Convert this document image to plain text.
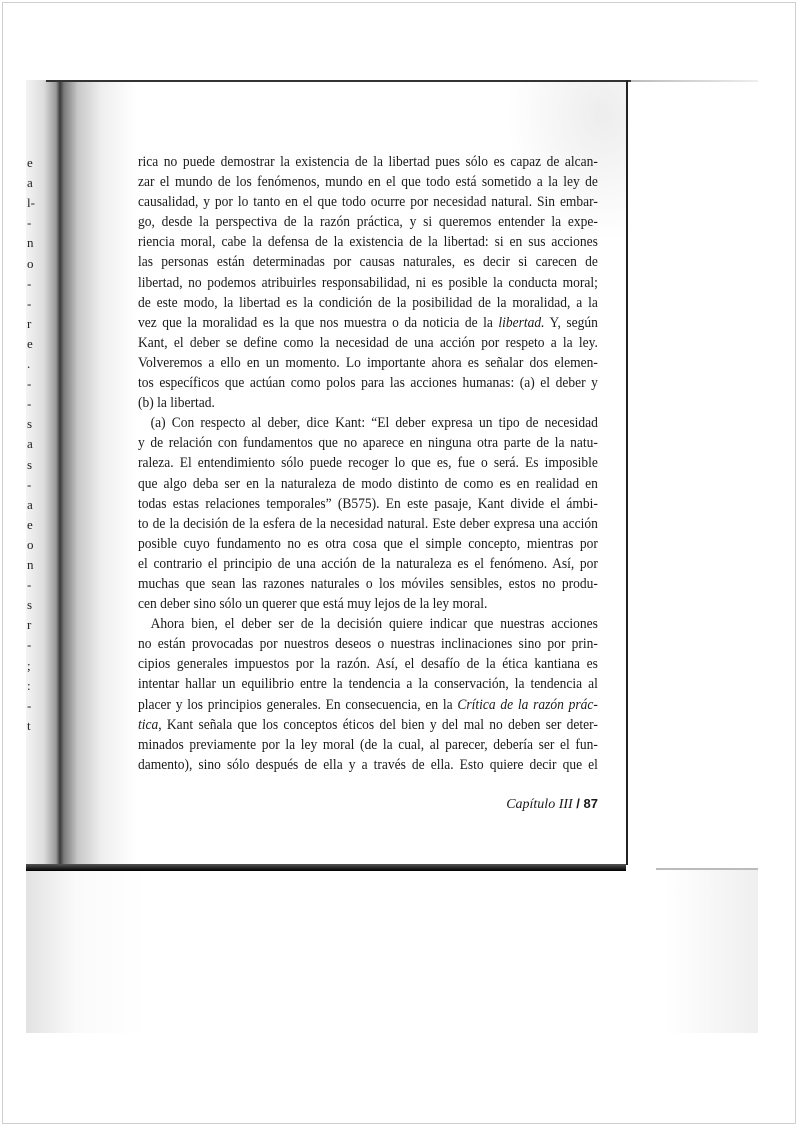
e
a
l-
-
n
o
-
-
r
e
.
-
-
s
a
s
-
a
e
o
n
-
s
r
-
;
:
-
t
rica no puede demostrar la existencia de la libertad pues sólo es capaz de alcan-
zar el mundo de los fenómenos, mundo en el que todo está sometido a la ley de
causalidad, y por lo tanto en el que todo ocurre por necesidad natural. Sin embar-
go, desde la perspectiva de la razón práctica, y si queremos entender la expe-
riencia moral, cabe la defensa de la existencia de la libertad: si en sus acciones
las personas están determinadas por causas naturales, es decir si carecen de
libertad, no podemos atribuirles responsabilidad, ni es posible la conducta moral;
de este modo, la libertad es la condición de la posibilidad de la moralidad, a la
vez que la moralidad es la que nos muestra o da noticia de la libertad. Y, según
Kant, el deber se define como la necesidad de una acción por respeto a la ley.
Volveremos a ello en un momento. Lo importante ahora es señalar dos elemen-
tos específicos que actúan como polos para las acciones humanas: (a) el deber y
(b) la libertad.
(a) Con respecto al deber, dice Kant: “El deber expresa un tipo de necesidad
y de relación con fundamentos que no aparece en ninguna otra parte de la natu-
raleza. El entendimiento sólo puede recoger lo que es, fue o será. Es imposible
que algo deba ser en la naturaleza de modo distinto de como es en realidad en
todas estas relaciones temporales” (B575). En este pasaje, Kant divide el ámbi-
to de la decisión de la esfera de la necesidad natural. Este deber expresa una acción
posible cuyo fundamento no es otra cosa que el simple concepto, mientras por
el contrario el principio de una acción de la naturaleza es el fenómeno. Así, por
muchas que sean las razones naturales o los móviles sensibles, estos no produ-
cen deber sino sólo un querer que está muy lejos de la ley moral.
Ahora bien, el deber ser de la decisión quiere indicar que nuestras acciones
no están provocadas por nuestros deseos o nuestras inclinaciones sino por prin-
cipios generales impuestos por la razón. Así, el desafío de la ética kantiana es
intentar hallar un equilibrio entre la tendencia a la conservación, la tendencia al
placer y los principios generales. En consecuencia, en la Crítica de la razón prác-
tica, Kant señala que los conceptos éticos del bien y del mal no deben ser deter-
minados previamente por la ley moral (de la cual, al parecer, debería ser el fun-
damento), sino sólo después de ella y a través de ella. Esto quiere decir que el
Capítulo III / 87
